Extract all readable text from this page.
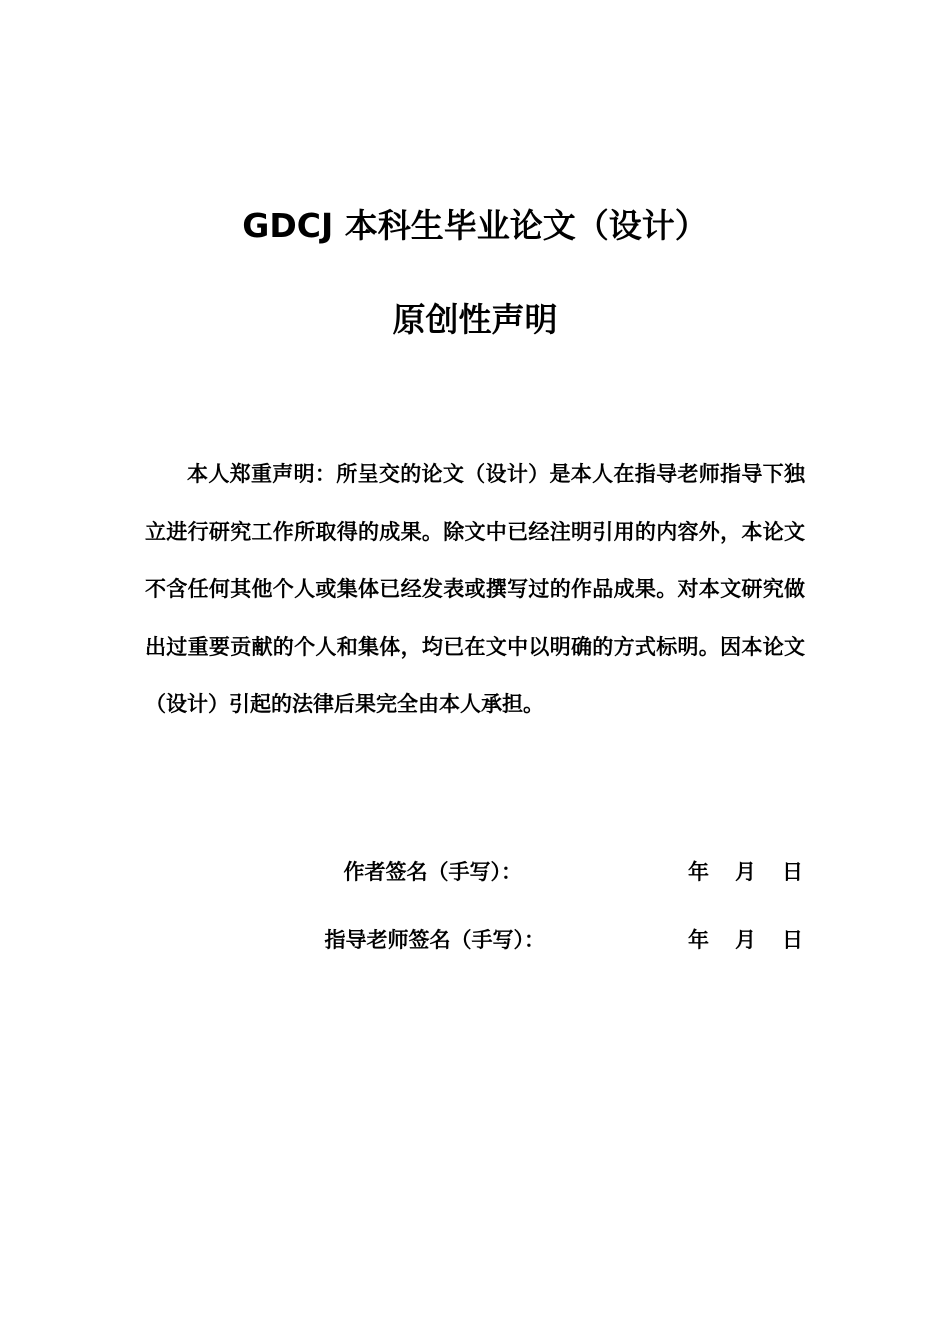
GDCJ 本科生毕业论文（设计）
原创性声明

本人郑重声明：所呈交的论文（设计）是本人在指导老师指导下独立进行研究工作所取得的成果。除文中已经注明引用的内容外，本论文不含任何其他个人或集体已经发表或撰写过的作品成果。对本文研究做出过重要贡献的个人和集体，均已在文中以明确的方式标明。因本论文（设计）引起的法律后果完全由本人承担。

作者签名（手写）：	年 月 日
指导老师签名（手写）：	年 月 日
